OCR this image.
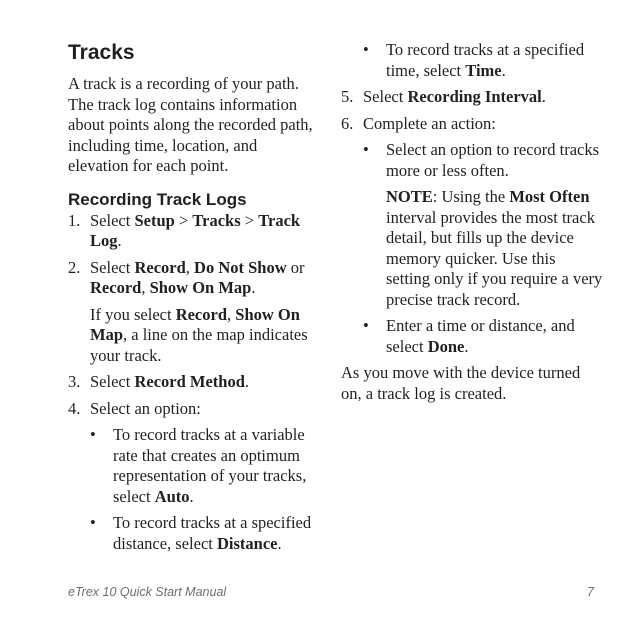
Tracks

A track is a recording of your path. The track log contains information about points along the recorded path, including time, location, and elevation for each point.

Recording Track Logs
1. Select Setup > Tracks > Track Log.
2. Select Record, Do Not Show or Record, Show On Map.
If you select Record, Show On Map, a line on the map indicates your track.
3. Select Record Method.
4. Select an option:
• To record tracks at a variable rate that creates an optimum representation of your tracks, select Auto.
• To record tracks at a specified distance, select Distance.
• To record tracks at a specified time, select Time.
5. Select Recording Interval.
6. Complete an action:
• Select an option to record tracks more or less often.
NOTE: Using the Most Often interval provides the most track detail, but fills up the device memory quicker. Use this setting only if you require a very precise track record.
• Enter a time or distance, and select Done.

As you move with the device turned on, a track log is created.

eTrex 10 Quick Start Manual	7
